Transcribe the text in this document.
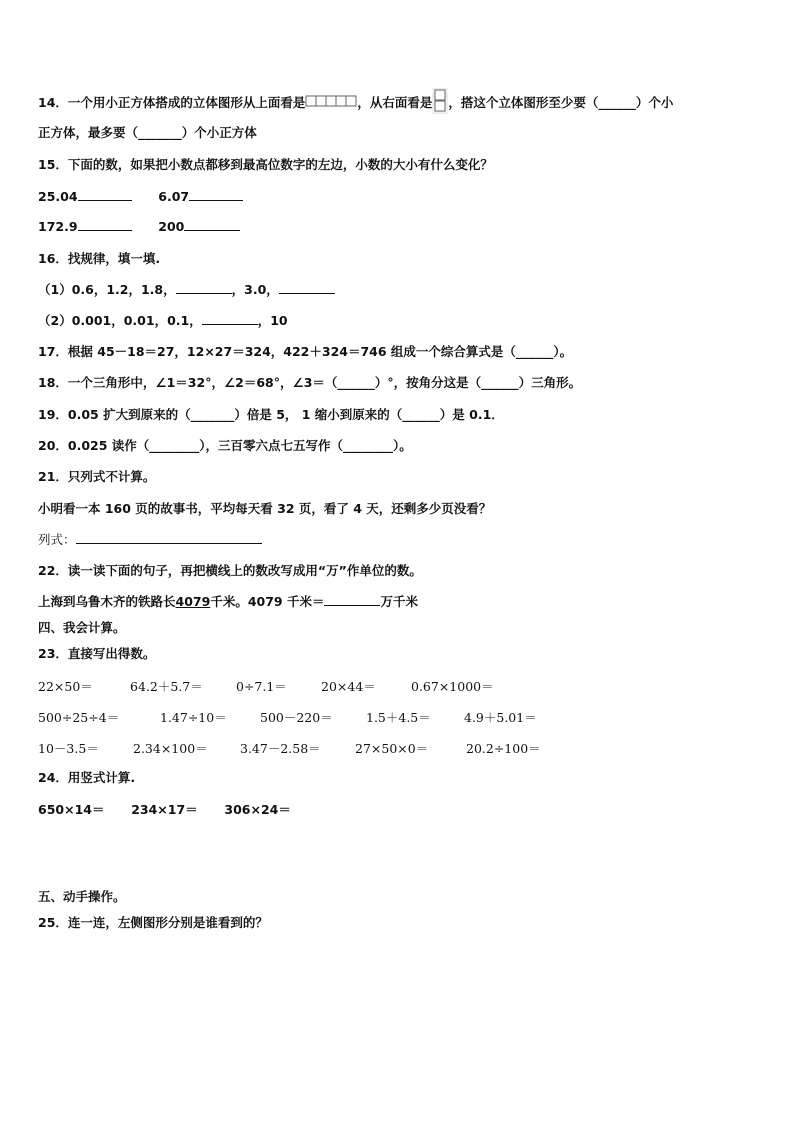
14．一个用小正方体搭成的立体图形从上面看是	，从右面看是 ，搭这个立体图形至少要（______）个小
正方体，最多要（_______）个小正方体
15．下面的数，如果把小数点都移到最高位数字的左边，小数的大小有什么变化？
25.04	6.07
172.9	200
16．找规律，填一填.
（1）0.6，1.2，1.8，	，3.0，
（2）0.001，0.01，0.1，	，10
17．根据 45－18＝27，12×27＝324，422＋324＝746 组成一个综合算式是（______）。
18．一个三角形中，∠1＝32°，∠2＝68°，∠3＝（______）°，按角分这是（______）三角形。
19．0.05 扩大到原来的（_______）倍是 5， 1 缩小到原来的（______）是 0.1．
20．0.025 读作（________），三百零六点七五写作（________）。
21．只列式不计算。
小明看一本 160 页的故事书，平均每天看 32 页，看了 4 天，还剩多少页没看？
列式：
22．读一读下面的句子，再把横线上的数改写成用“万”作单位的数。
上海到乌鲁木齐的铁路长4079千米。4079 千米＝	万千米
四、我会计算。
23．直接写出得数。
22×50＝	64.2＋5.7＝	0÷7.1＝	20×44＝	0.67×1000＝
500÷25÷4＝	1.47÷10＝	500－220＝	1.5＋4.5＝	4.9＋5.01＝
10－3.5＝	2.34×100＝	3.47－2.58＝	27×50×0＝	20.2÷100＝
24．用竖式计算.
650×14＝ 234×17＝ 306×24＝
五、动手操作。
25．连一连，左侧图形分别是谁看到的？
